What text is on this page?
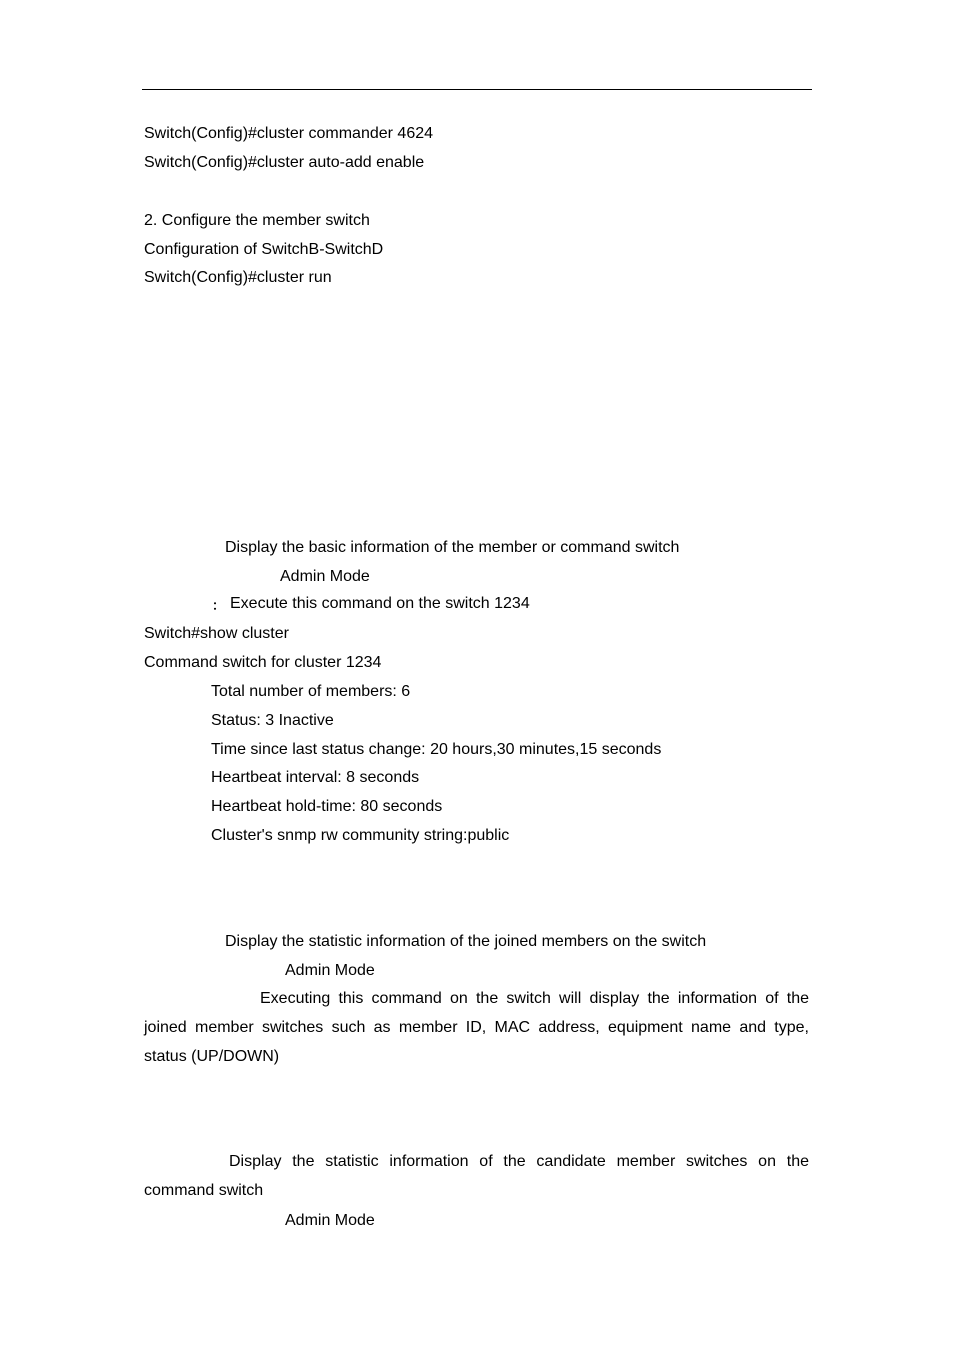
Switch(Config)#cluster commander 4624
Switch(Config)#cluster auto-add enable
2. Configure the member switch
Configuration of SwitchB-SwitchD
Switch(Config)#cluster run
Display the basic information of the member or command switch
Admin Mode
： Execute this command on the switch 1234
Switch#show cluster
Command switch for cluster 1234
Total number of members: 6
Status: 3 Inactive
Time since last status change: 20 hours,30 minutes,15 seconds
Heartbeat interval: 8 seconds
Heartbeat hold-time: 80 seconds
Cluster's snmp rw community string:public
Display the statistic information of the joined members on the switch
Admin Mode
Executing this command on the switch will display the information of the joined member switches such as member ID, MAC address, equipment name and type, status (UP/DOWN)
Display the statistic information of the candidate member switches on the command switch
Admin Mode
